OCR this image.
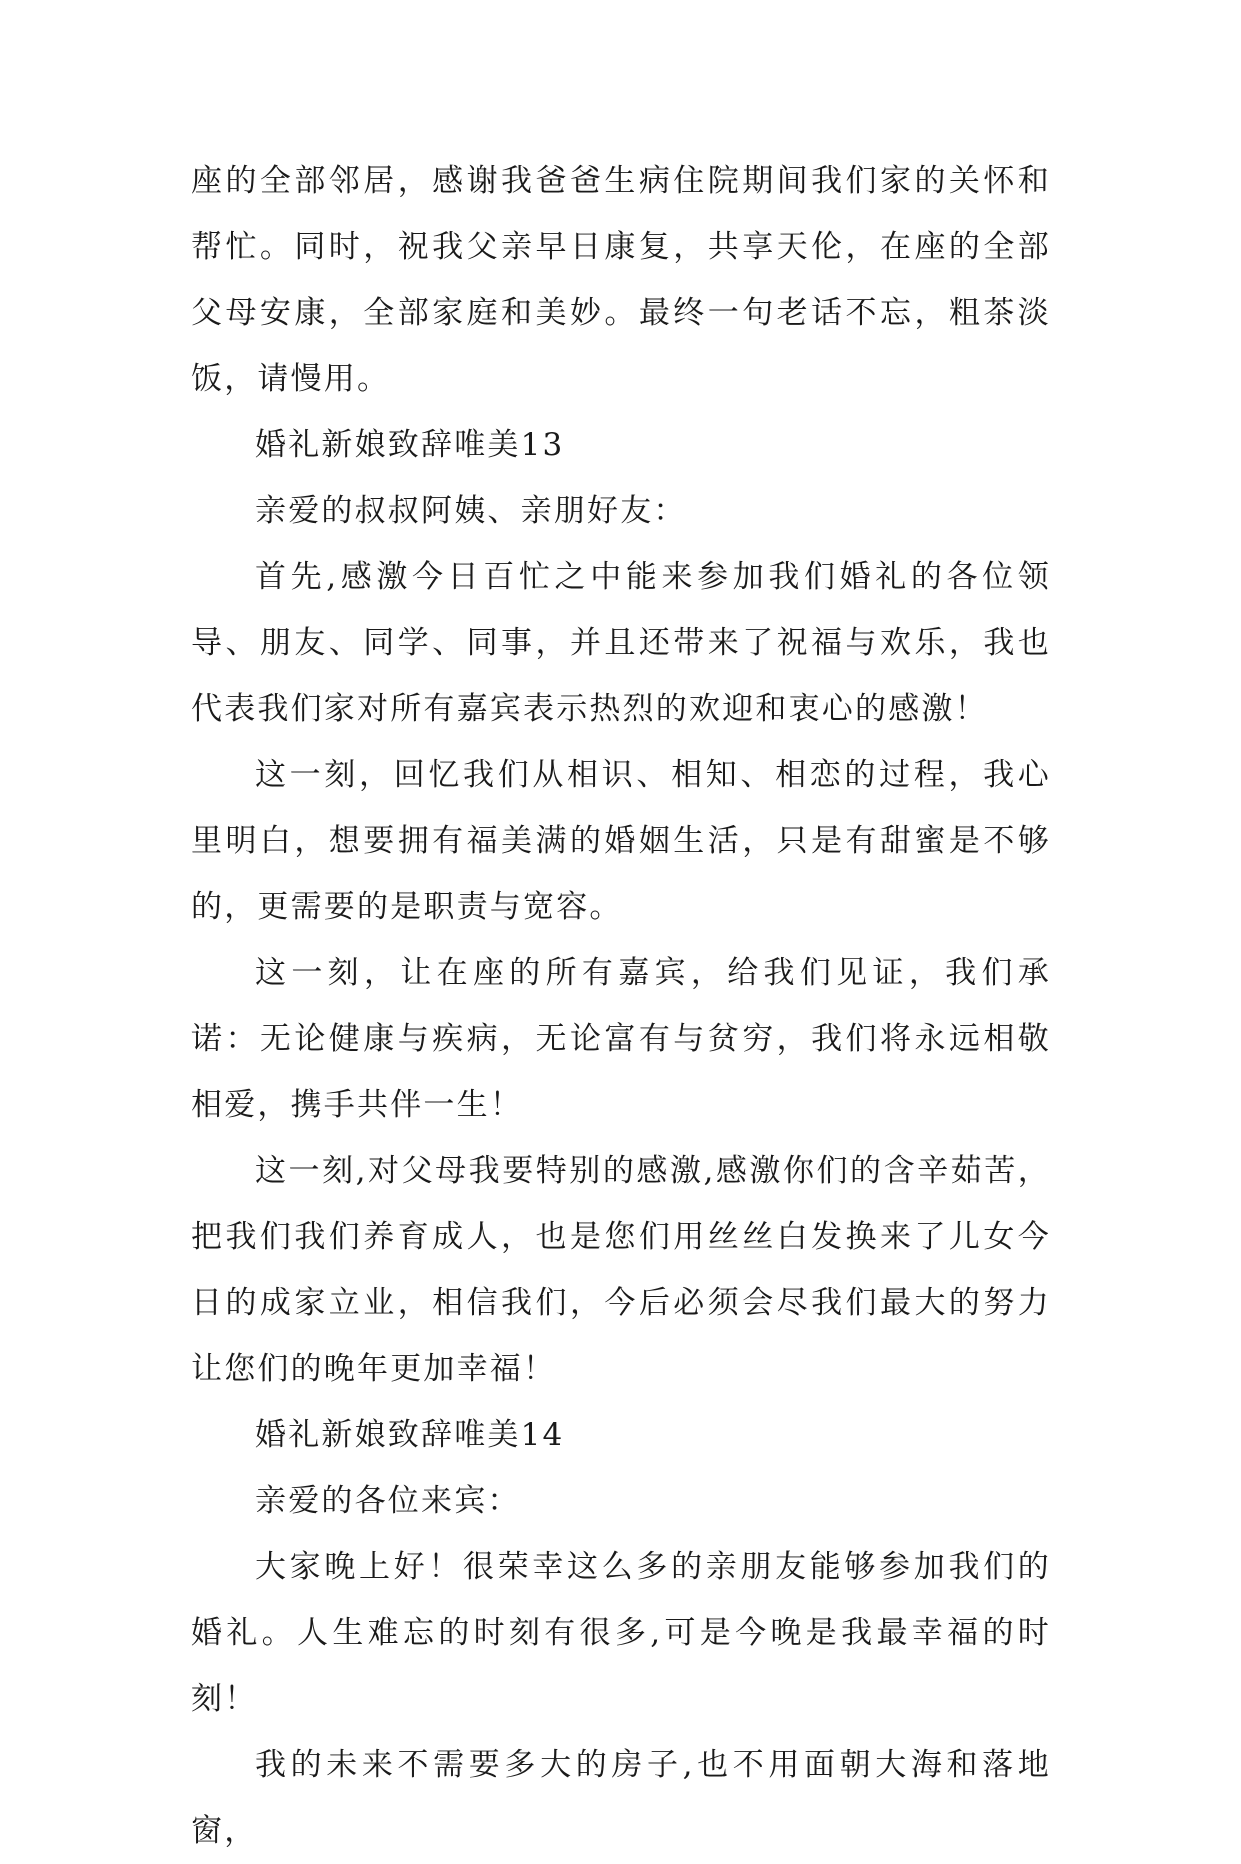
座的全部邻居，感谢我爸爸生病住院期间我们家的关怀和帮忙。同时，祝我父亲早日康复，共享天伦，在座的全部父母安康，全部家庭和美妙。最终一句老话不忘，粗茶淡饭，请慢用。

婚礼新娘致辞唯美13

亲爱的叔叔阿姨、亲朋好友：

首先,感激今日百忙之中能来参加我们婚礼的各位领导、朋友、同学、同事，并且还带来了祝福与欢乐，我也代表我们家对所有嘉宾表示热烈的欢迎和衷心的感激！

这一刻，回忆我们从相识、相知、相恋的过程，我心里明白，想要拥有福美满的婚姻生活，只是有甜蜜是不够的，更需要的是职责与宽容。

这一刻，让在座的所有嘉宾，给我们见证，我们承诺：无论健康与疾病，无论富有与贫穷，我们将永远相敬相爱，携手共伴一生！

这一刻,对父母我要特别的感激,感激你们的含辛茹苦，把我们我们养育成人，也是您们用丝丝白发换来了儿女今日的成家立业，相信我们，今后必须会尽我们最大的努力让您们的晚年更加幸福！

婚礼新娘致辞唯美14

亲爱的各位来宾：

大家晚上好！很荣幸这么多的亲朋友能够参加我们的婚礼。人生难忘的时刻有很多,可是今晚是我最幸福的时刻！

我的未来不需要多大的房子,也不用面朝大海和落地窗，
